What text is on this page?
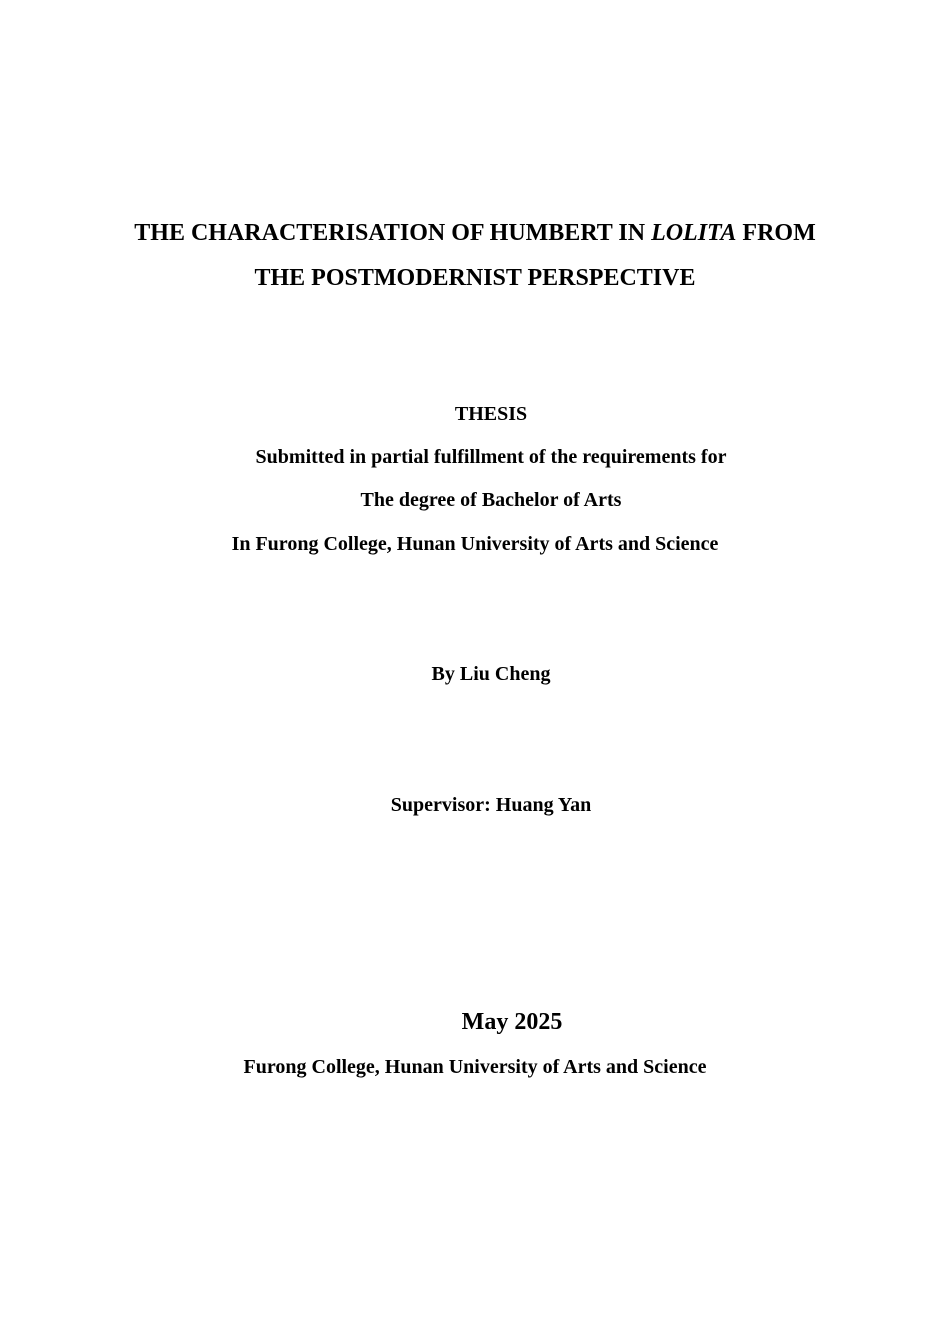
THE CHARACTERISATION OF HUMBERT IN LOLITA FROM
THE POSTMODERNIST PERSPECTIVE
THESIS
Submitted in partial fulfillment of the requirements for
The degree of Bachelor of Arts
In Furong College, Hunan University of Arts and Science
By Liu Cheng
Supervisor: Huang Yan
May 2025
Furong College, Hunan University of Arts and Science
